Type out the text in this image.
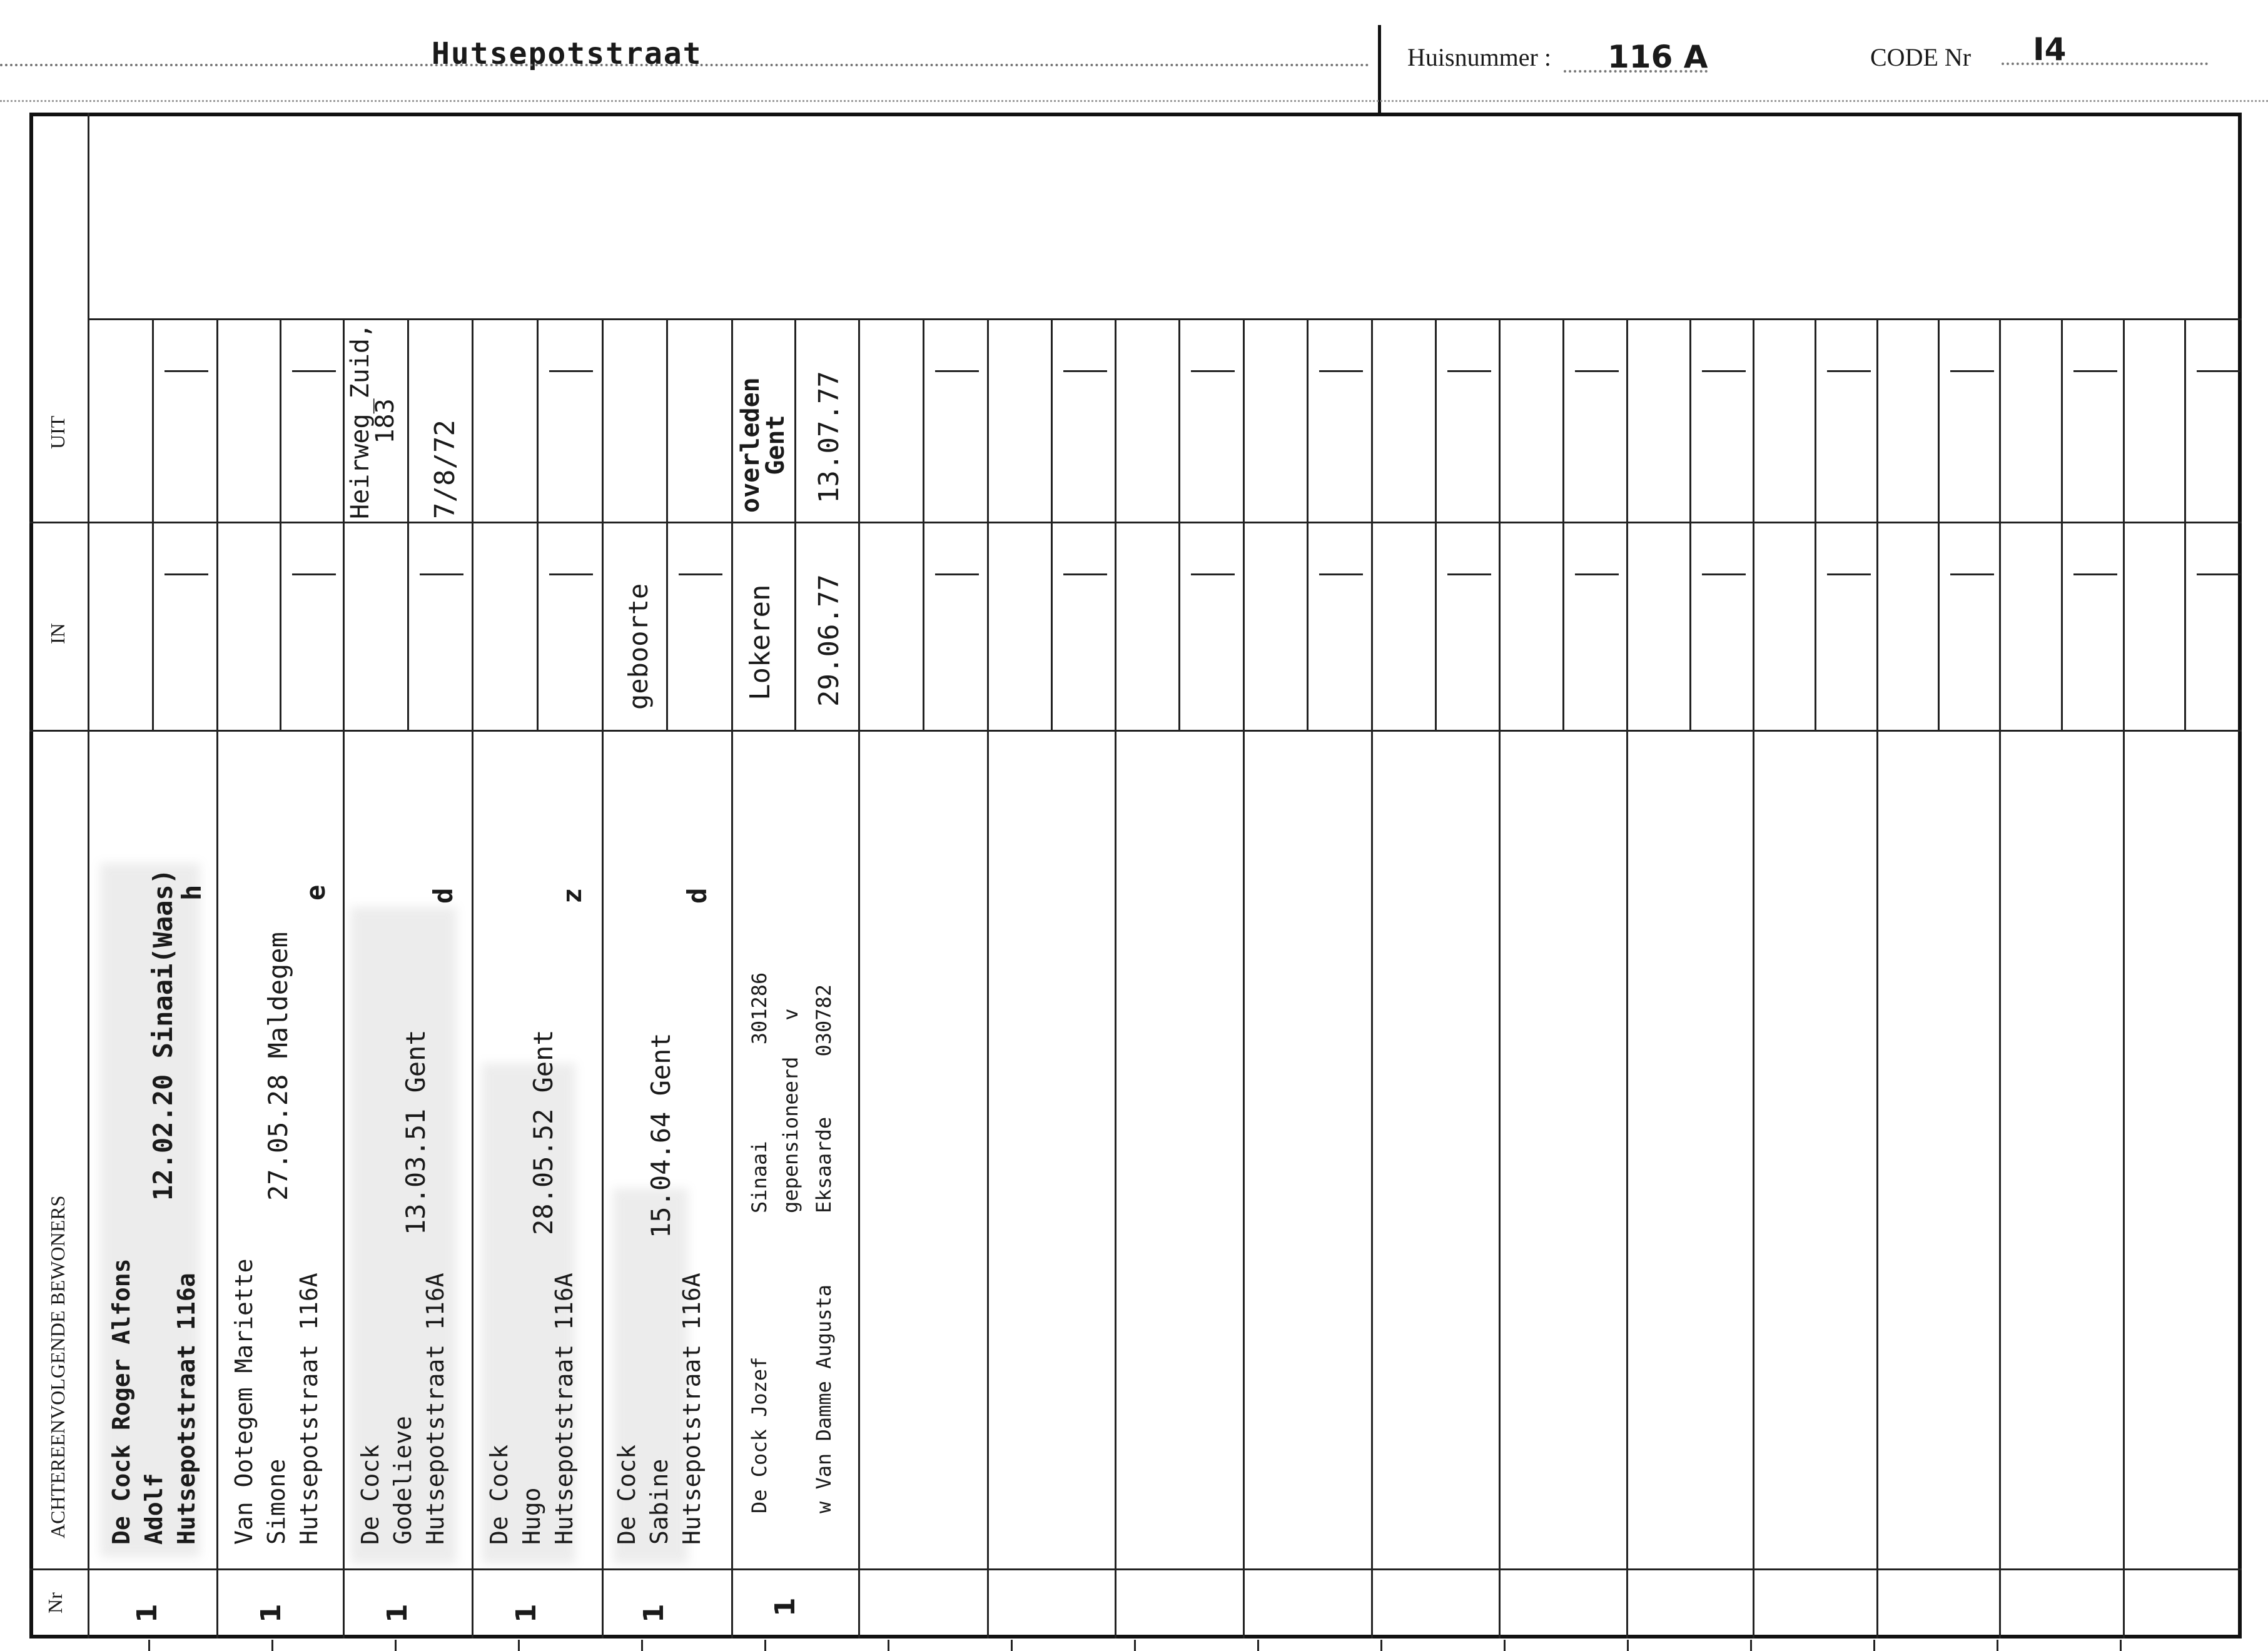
Hutsepotstraat	Huisnummer : 116 A	CODE Nr I4
Nr
ACHTEREENVOLGENDE BEWONERS
IN
UIT
1
De Cock Roger Alfons Adolf Hutsepotstraat 116a
12.02.20 Sinaai(Waas)
h
1
Van Ootegem Mariette Simone Hutsepotstraat 116A
27.05.28 Maldegem
e
1
De Cock Godelieve Hutsepotstraat 116A
13.03.51 Gent
d
Heirweg_Zuid,
183 7/8/72
1
De Cock Hugo Hutsepotstraat 116A
28.05.52 Gent
z
1
De Cock Sabine Hutsepotstraat 116A
15.04.64 Gent
d
geboorte
1
De Cock Jozef
Sinaai        301286 gepensioneerd   v
w Van Damme Augusta
Eksaarde     030782
Lokeren 29.06.77
overleden
Gent 13.07.77
